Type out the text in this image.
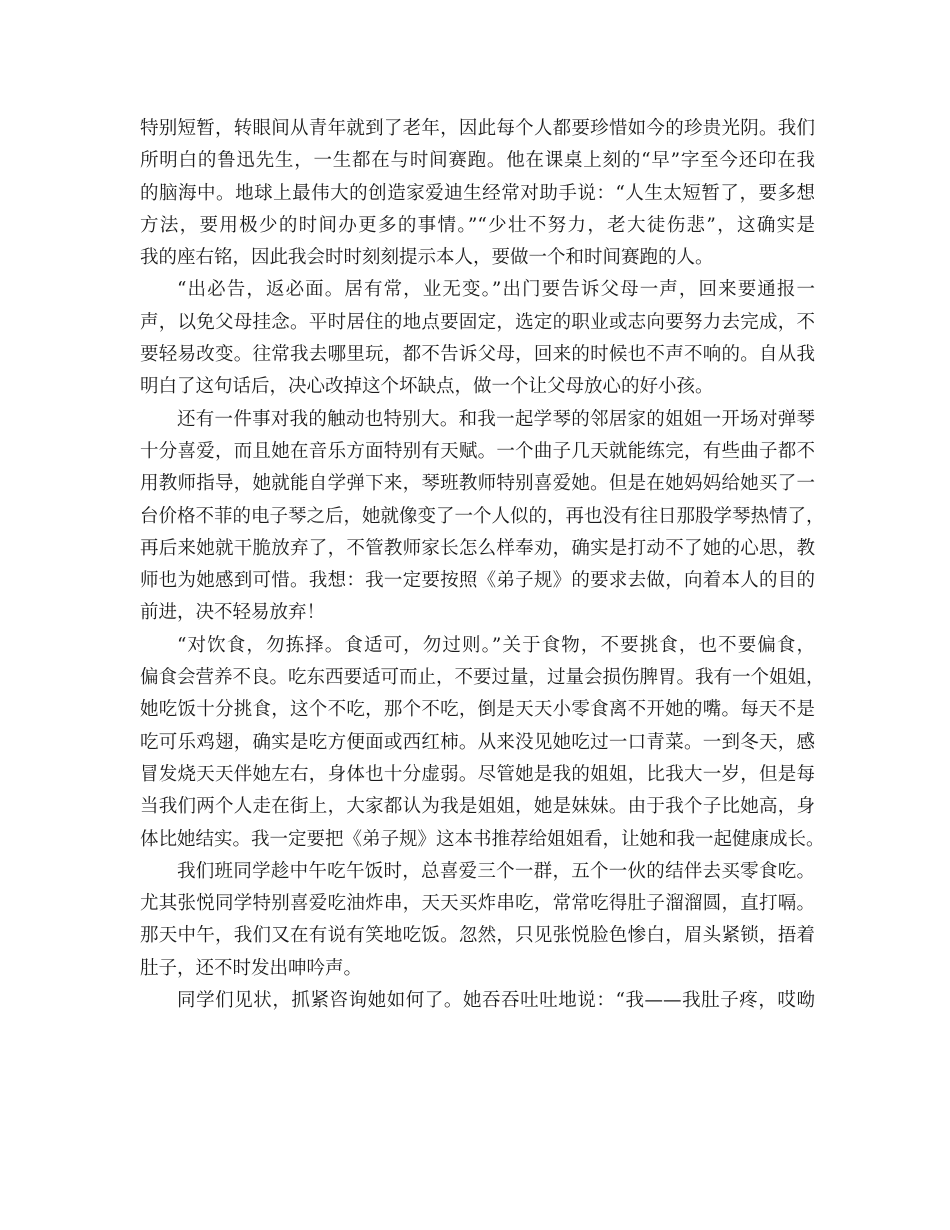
特别短暂，转眼间从青年就到了老年，因此每个人都要珍惜如今的珍贵光阴。我们
所明白的鲁迅先生，一生都在与时间赛跑。他在课桌上刻的“早”字至今还印在我
的脑海中。地球上最伟大的创造家爱迪生经常对助手说：“人生太短暂了，要多想
方法，要用极少的时间办更多的事情。”“少壮不努力，老大徒伤悲”，这确实是
我的座右铭，因此我会时时刻刻提示本人，要做一个和时间赛跑的人。
“出必告，返必面。居有常，业无变。”出门要告诉父母一声，回来要通报一
声，以免父母挂念。平时居住的地点要固定，选定的职业或志向要努力去完成，不
要轻易改变。往常我去哪里玩，都不告诉父母，回来的时候也不声不响的。自从我
明白了这句话后，决心改掉这个坏缺点，做一个让父母放心的好小孩。
还有一件事对我的触动也特别大。和我一起学琴的邻居家的姐姐一开场对弹琴
十分喜爱，而且她在音乐方面特别有天赋。一个曲子几天就能练完，有些曲子都不
用教师指导，她就能自学弹下来，琴班教师特别喜爱她。但是在她妈妈给她买了一
台价格不菲的电子琴之后，她就像变了一个人似的，再也没有往日那股学琴热情了，
再后来她就干脆放弃了，不管教师家长怎么样奉劝，确实是打动不了她的心思，教
师也为她感到可惜。我想：我一定要按照《弟子规》的要求去做，向着本人的目的
前进，决不轻易放弃！
“对饮食，勿拣择。食适可，勿过则。”关于食物，不要挑食，也不要偏食，
偏食会营养不良。吃东西要适可而止，不要过量，过量会损伤脾胃。我有一个姐姐，
她吃饭十分挑食，这个不吃，那个不吃，倒是天天小零食离不开她的嘴。每天不是
吃可乐鸡翅，确实是吃方便面或西红柿。从来没见她吃过一口青菜。一到冬天，感
冒发烧天天伴她左右，身体也十分虚弱。尽管她是我的姐姐，比我大一岁，但是每
当我们两个人走在街上，大家都认为我是姐姐，她是妹妹。由于我个子比她高，身
体比她结实。我一定要把《弟子规》这本书推荐给姐姐看，让她和我一起健康成长。
我们班同学趁中午吃午饭时，总喜爱三个一群，五个一伙的结伴去买零食吃。
尤其张悦同学特别喜爱吃油炸串，天天买炸串吃，常常吃得肚子溜溜圆，直打嗝。
那天中午，我们又在有说有笑地吃饭。忽然，只见张悦脸色惨白，眉头紧锁，捂着
肚子，还不时发出呻吟声。
同学们见状，抓紧咨询她如何了。她吞吞吐吐地说：“我——我肚子疼，哎呦
